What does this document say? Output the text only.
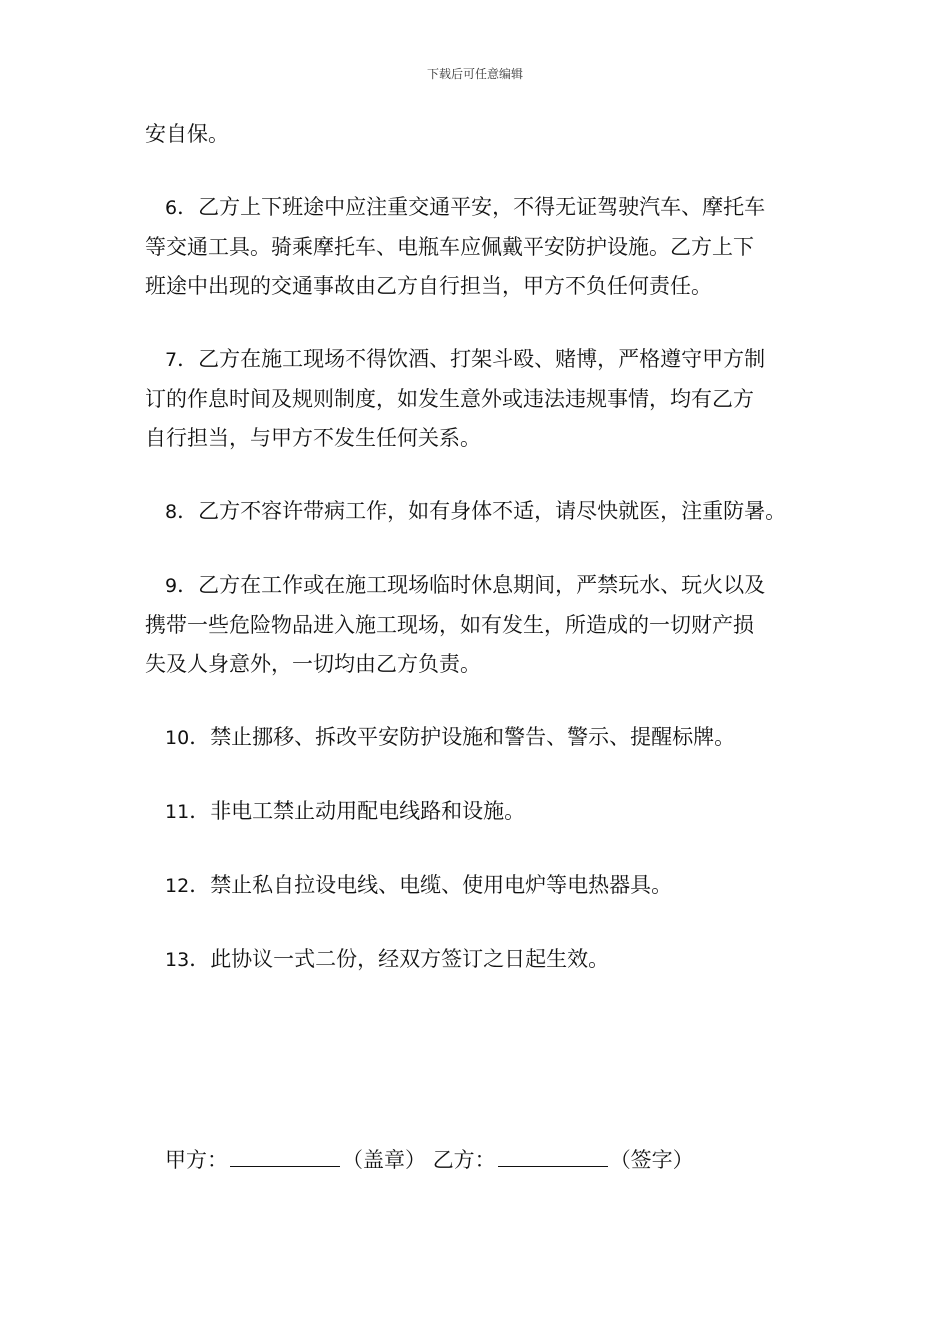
下载后可任意编辑

安自保。

6．乙方上下班途中应注重交通平安，不得无证驾驶汽车、摩托车

等交通工具。骑乘摩托车、电瓶车应佩戴平安防护设施。乙方上下

班途中出现的交通事故由乙方自行担当，甲方不负任何责任。

7．乙方在施工现场不得饮酒、打架斗殴、赌博，严格遵守甲方制

订的作息时间及规则制度，如发生意外或违法违规事情，均有乙方

自行担当，与甲方不发生任何关系。

8．乙方不容许带病工作，如有身体不适，请尽快就医，注重防暑。

9．乙方在工作或在施工现场临时休息期间，严禁玩水、玩火以及

携带一些危险物品进入施工现场，如有发生，所造成的一切财产损

失及人身意外，一切均由乙方负责。

10．禁止挪移、拆改平安防护设施和警告、警示、提醒标牌。

11．非电工禁止动用配电线路和设施。

12．禁止私自拉设电线、电缆、使用电炉等电热器具。

13．此协议一式二份，经双方签订之日起生效。

甲方：	（盖章） 乙方：	（签字）
